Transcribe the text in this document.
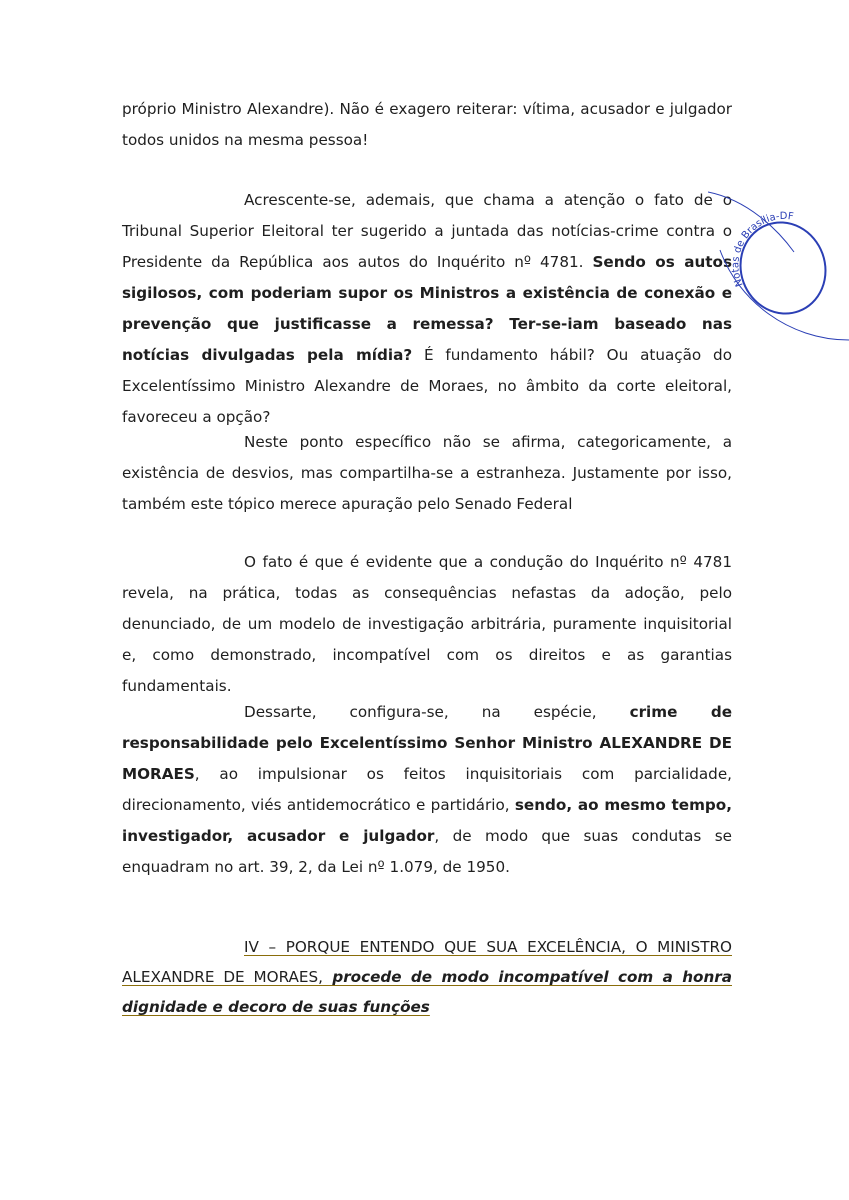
próprio Ministro Alexandre). Não é exagero reiterar: vítima, acusador e julgador todos unidos na mesma pessoa!

Acrescente-se, ademais, que chama a atenção o fato de o Tribunal Superior Eleitoral ter sugerido a juntada das notícias-crime contra o Presidente da República aos autos do Inquérito nº 4781. Sendo os autos sigilosos, com poderiam supor os Ministros a existência de conexão e prevenção que justificasse a remessa? Ter-se-iam baseado nas notícias divulgadas pela mídia? É fundamento hábil? Ou atuação do Excelentíssimo Ministro Alexandre de Moraes, no âmbito da corte eleitoral, favoreceu a opção?

Neste ponto específico não se afirma, categoricamente, a existência de desvios, mas compartilha-se a estranheza. Justamente por isso, também este tópico merece apuração pelo Senado Federal

O fato é que é evidente que a condução do Inquérito nº 4781 revela, na prática, todas as consequências nefastas da adoção, pelo denunciado, de um modelo de investigação arbitrária, puramente inquisitorial e, como demonstrado, incompatível com os direitos e as garantias fundamentais.

Dessarte, configura-se, na espécie, crime de responsabilidade pelo Excelentíssimo Senhor Ministro ALEXANDRE DE MORAES, ao impulsionar os feitos inquisitoriais com parcialidade, direcionamento, viés antidemocrático e partidário, sendo, ao mesmo tempo, investigador, acusador e julgador, de modo que suas condutas se enquadram no art. 39, 2, da Lei nº 1.079, de 1950.

IV – PORQUE ENTENDO QUE SUA EXCELÊNCIA, O MINISTRO ALEXANDRE DE MORAES, procede de modo incompatível com a honra dignidade e decoro de suas funções

Notas de Brasília-DF
